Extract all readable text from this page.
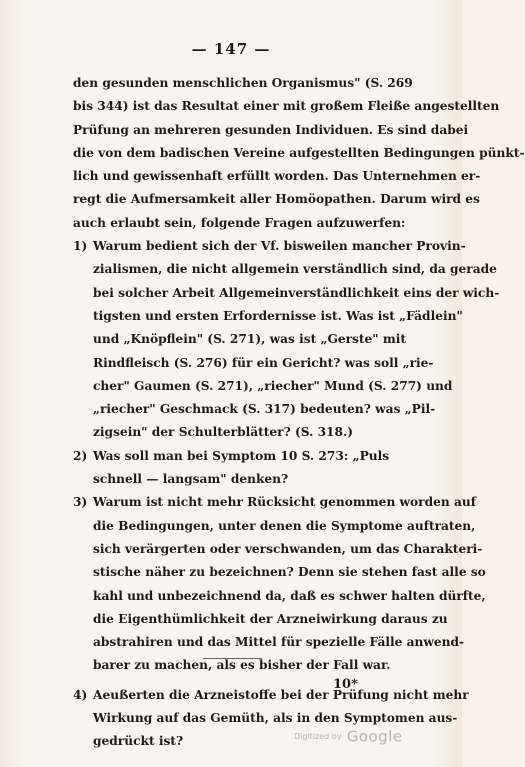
— 147 —

den gesunden menschlichen Organismus" (S. 269
bis 344) ist das Resultat einer mit großem Fleiße angestellten
Prüfung an mehreren gesunden Individuen. Es sind dabei
die von dem badischen Vereine aufgestellten Bedingungen pünkt-
lich und gewissenhaft erfüllt worden. Das Unternehmen er-
regt die Aufmersamkeit aller Homöopathen. Darum wird es
auch erlaubt sein, folgende Fragen aufzuwerfen:

1) Warum bedient sich der Vf. bisweilen mancher Provin-
zialismen, die nicht allgemein verständlich sind, da gerade
bei solcher Arbeit Allgemeinverständlichkeit eins der wich-
tigsten und ersten Erfordernisse ist. Was ist „Fädlein"
und „Knöpflein" (S. 271), was ist „Gerste" mit
Rindfleisch (S. 276) für ein Gericht? was soll „rie-
cher" Gaumen (S. 271), „riecher" Mund (S. 277) und
„riecher" Geschmack (S. 317) bedeuten? was „Pil-
zigsein" der Schulterblätter? (S. 318.)
2) Was soll man bei Symptom 10 S. 273: „Puls
schnell — langsam" denken?
3) Warum ist nicht mehr Rücksicht genommen worden auf
die Bedingungen, unter denen die Symptome auftraten,
sich verärgerten oder verschwanden, um das Charakteri-
stische näher zu bezeichnen? Denn sie stehen fast alle so
kahl und unbezeichnend da, daß es schwer halten dürfte,
die Eigenthümlichkeit der Arzneiwirkung daraus zu
abstrahiren und das Mittel für spezielle Fälle anwend-
barer zu machen, als es bisher der Fall war.
4) Aeußerten die Arzneistoffe bei der Prüfung nicht mehr
Wirkung auf das Gemüth, als in den Symptomen aus-
gedrückt ist?
10*
Digitized by Google
